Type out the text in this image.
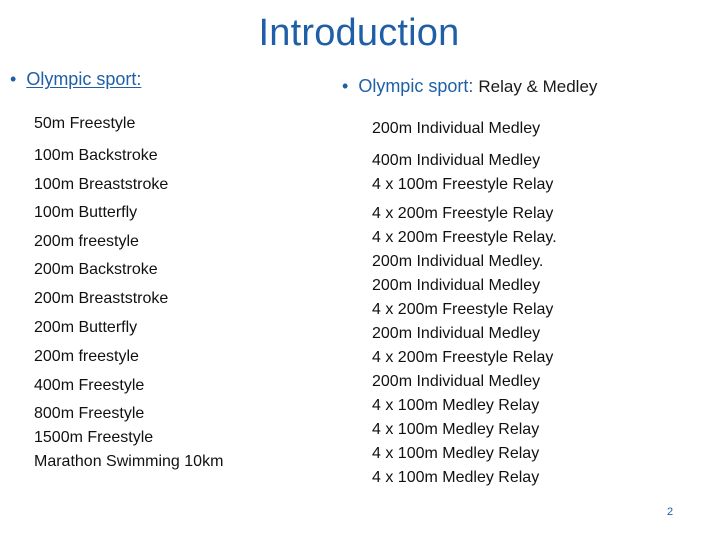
Introduction
• Olympic sport:	• Olympic sport: Relay & Medley
50m Freestyle
100m Backstroke
100m Breaststroke
100m Butterfly
200m freestyle
200m Backstroke
200m Breaststroke
200m Butterfly
200m freestyle
400m Freestyle
800m Freestyle
1500m Freestyle
Marathon Swimming 10km
200m Individual Medley
400m Individual Medley
4 x 100m Freestyle Relay
4 x 200m Freestyle Relay
4 x 200m Freestyle Relay.
200m Individual Medley.
200m Individual Medley
4 x 200m Freestyle Relay
200m Individual Medley
4 x 200m Freestyle Relay
200m Individual Medley
4 x 100m Medley Relay
4 x 100m Medley Relay
4 x 100m Medley Relay
4 x 100m Medley Relay
2
